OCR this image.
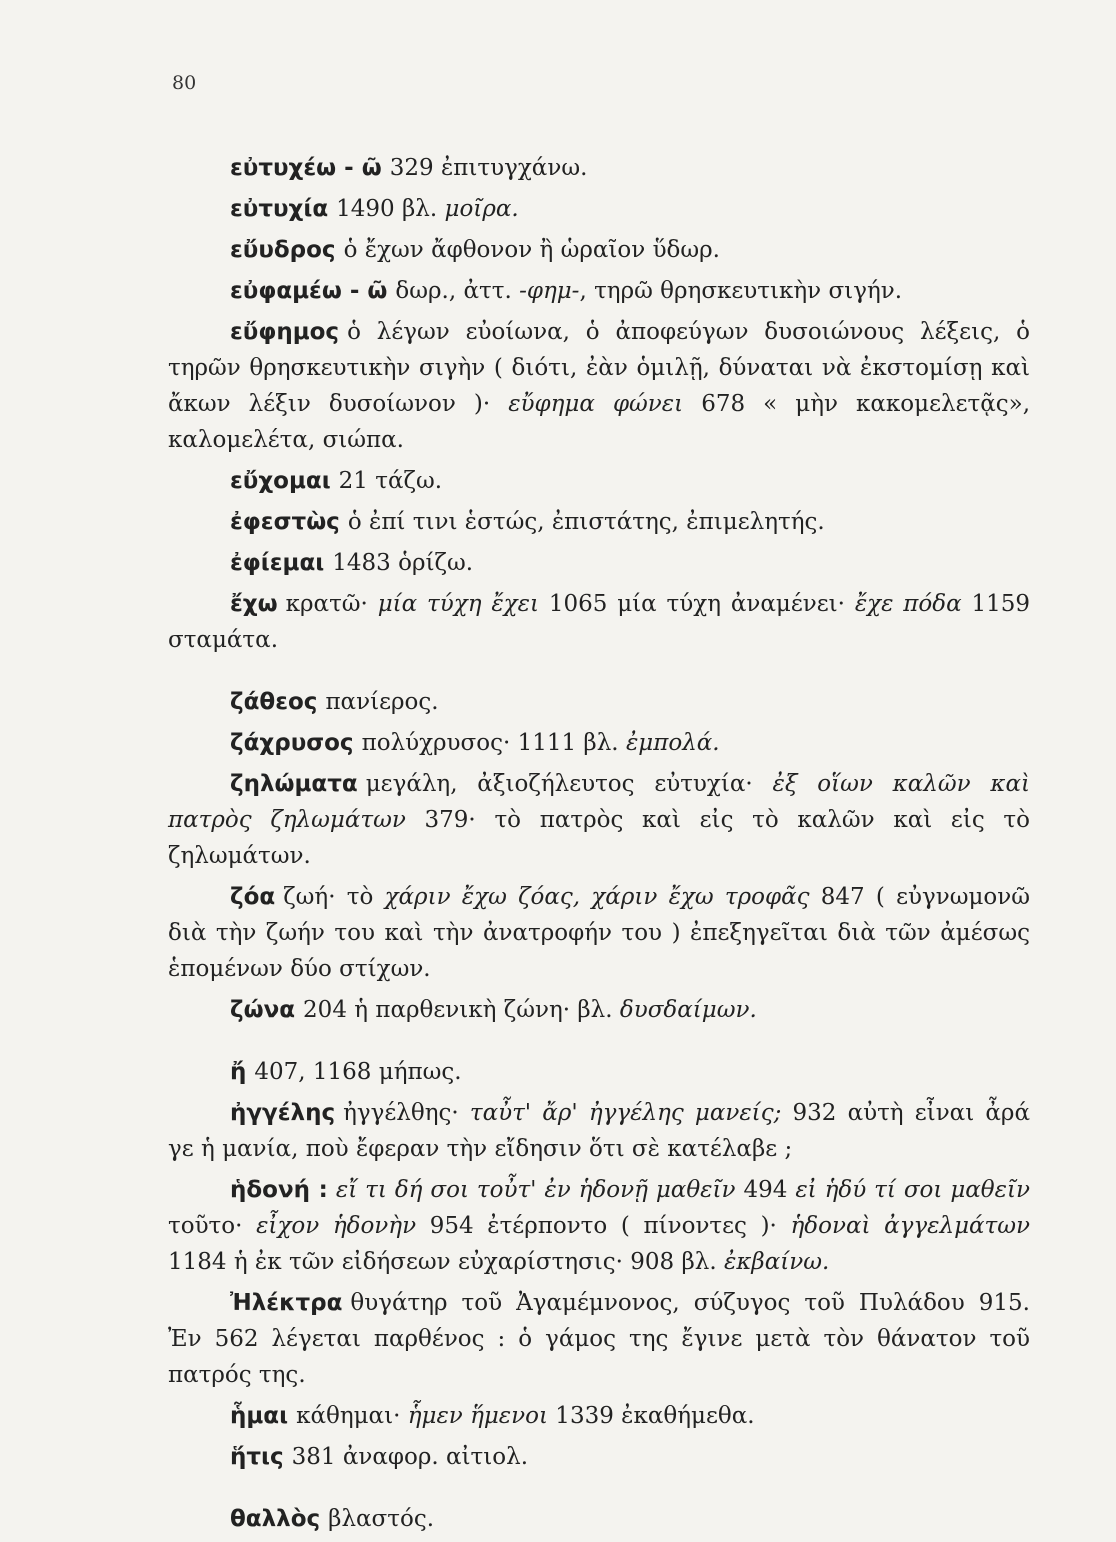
80
εὐτυχέω - ῶ 329 ἐπιτυγχάνω.
εὐτυχία 1490 βλ. μοῖρα.
εὔυδρος ὁ ἔχων ἄφθονον ἢ ὡραῖον ὕδωρ.
εὐφαμέω - ῶ δωρ., ἀττ. -φημ-, τηρῶ θρησκευτικὴν σιγήν.
εὔφημος ὁ λέγων εὐοίωνα, ὁ ἀποφεύγων δυσοιώνους λέξεις, ὁ τηρῶν θρησκευτικὴν σιγὴν ( διότι, ἐὰν ὁμιλῇ, δύναται νὰ ἐκστομίσῃ καὶ ἄκων λέξιν δυσοίωνον )· εὔφημα φώνει 678 « μὴν κακομελετᾷς», καλομελέτα, σιώπα.
εὔχομαι 21 τάζω.
ἐφεστὼς ὁ ἐπί τινι ἑστώς, ἐπιστάτης, ἐπιμελητής.
ἐφίεμαι 1483 ὁρίζω.
ἔχω κρατῶ· μία τύχη ἔχει 1065 μία τύχη ἀναμένει· ἔχε πόδα 1159 σταμάτα.
ζάθεος πανίερος.
ζάχρυσος πολύχρυσος· 1111 βλ. ἐμπολά.
ζηλώματα μεγάλη, ἀξιοζήλευτος εὐτυχία· ἐξ οἵων καλῶν καὶ πατρὸς ζηλωμάτων 379· τὸ πατρὸς καὶ εἰς τὸ καλῶν καὶ εἰς τὸ ζηλωμάτων.
ζόα ζωή· τὸ χάριν ἔχω ζόας, χάριν ἔχω τροφᾶς 847 ( εὐγνωμονῶ διὰ τὴν ζωήν του καὶ τὴν ἀνατροφήν του ) ἐπεξηγεῖται διὰ τῶν ἀμέσως ἑπομένων δύο στίχων.
ζώνα 204 ἡ παρθενικὴ ζώνη· βλ. δυσδαίμων.
ἤ 407, 1168 μήπως.
ἠγγέλης ἠγγέλθης· ταὖτ' ἄρ' ἠγγέλης μανείς; 932 αὐτὴ εἶναι ἆρά γε ἡ μανία, ποὺ ἔφεραν τὴν εἴδησιν ὅτι σὲ κατέλαβε ;
ἡδονή : εἴ τι δή σοι τοὖτ' ἐν ἡδονῇ μαθεῖν 494 εἰ ἡδύ τί σοι μαθεῖν τοῦτο· εἶχον ἡδονὴν 954 ἐτέρποντο ( πίνοντες )· ἡδοναὶ ἀγγελμάτων 1184 ἡ ἐκ τῶν εἰδήσεων εὐχαρίστησις· 908 βλ. ἐκβαίνω.
Ἠλέκτρα θυγάτηρ τοῦ Ἀγαμέμνονος, σύζυγος τοῦ Πυλάδου 915. Ἐν 562 λέγεται παρθένος : ὁ γάμος της ἔγινε μετὰ τὸν θάνατον τοῦ πατρός της.
ἧμαι κάθημαι· ἧμεν ἥμενοι 1339 ἐκαθήμεθα.
ἥτις 381 ἀναφορ. αἰτιολ.
θαλλὸς βλαστός.
